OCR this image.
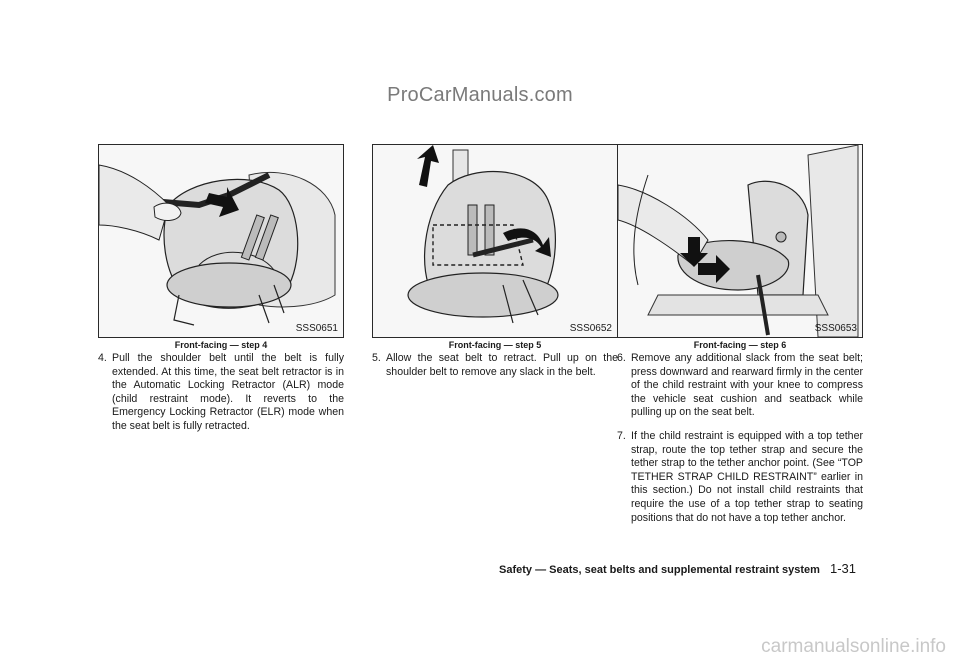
ProCarManuals.com
SSS0651
Front-facing — step 4
4. Pull the shoulder belt until the belt is fully extended. At this time, the seat belt retractor is in the Automatic Locking Retractor (ALR) mode (child restraint mode). It reverts to the Emergency Locking Retractor (ELR) mode when the seat belt is fully retracted.
SSS0652
Front-facing — step 5
5. Allow the seat belt to retract. Pull up on the shoulder belt to remove any slack in the belt.
SSS0653
Front-facing — step 6
6. Remove any additional slack from the seat belt; press downward and rearward firmly in the center of the child restraint with your knee to compress the vehicle seat cushion and seatback while pulling up on the seat belt.
7. If the child restraint is equipped with a top tether strap, route the top tether strap and secure the tether strap to the tether anchor point. (See “TOP TETHER STRAP CHILD RESTRAINT” earlier in this section.) Do not install child restraints that require the use of a top tether strap to seating positions that do not have a top tether anchor.
Safety — Seats, seat belts and supplemental restraint system 1-31
carmanualsonline.info
